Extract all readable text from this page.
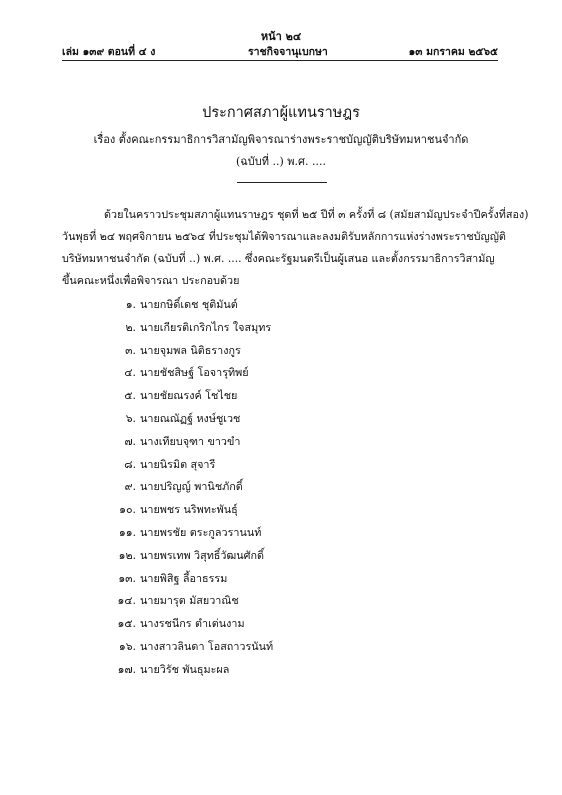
หน้า ๒๔
เล่ม ๑๓๙ ตอนที่ ๔ ง	ราชกิจจานุเบกษา	๑๓ มกราคม ๒๕๖๕
ประกาศสภาผู้แทนราษฎร
เรื่อง ตั้งคณะกรรมาธิการวิสามัญพิจารณาร่างพระราชบัญญัติบริษัทมหาชนจำกัด
(ฉบับที่ ..) พ.ศ. ....
ด้วยในคราวประชุมสภาผู้แทนราษฎร ชุดที่ ๒๕ ปีที่ ๓ ครั้งที่ ๘ (สมัยสามัญประจำปีครั้งที่สอง)
วันพุธที่ ๒๔ พฤศจิกายน ๒๕๖๔ ที่ประชุมได้พิจารณาและลงมติรับหลักการแห่งร่างพระราชบัญญัติ
บริษัทมหาชนจำกัด (ฉบับที่ ..) พ.ศ. .... ซึ่งคณะรัฐมนตรีเป็นผู้เสนอ และตั้งกรรมาธิการวิสามัญ
ขึ้นคณะหนึ่งเพื่อพิจารณา ประกอบด้วย
๑. นายกษิดิ์เดช ชุติมันต์
๒. นายเกียรติเกริกไกร ใจสมุทร
๓. นายจุมพล นิติธรางกูร
๔. นายชัชสิษฐ์ โอจารุทิพย์
๕. นายชัยณรงค์ โชไชย
๖. นายณณัฏฐ์ หงษ์ชูเวช
๗. นางเทียบจุฑา ขาวขำ
๘. นายนิรมิต สุจารี
๙. นายปริญญ์ พานิชภักดิ์
๑๐. นายพชร นริพทะพันธุ์
๑๑. นายพรชัย ตระกูลวรานนท์
๑๒. นายพรเทพ วิสุทธิ์วัฒนศักดิ์
๑๓. นายพิสิฐ ลี้อาธรรม
๑๔. นายมารุต มัสยวาณิช
๑๕. นางรชนีกร ตำเต่นงาม
๑๖. นางสาวลินดา โอสถาวรนันท์
๑๗. นายวิรัช พันธุมะผล
